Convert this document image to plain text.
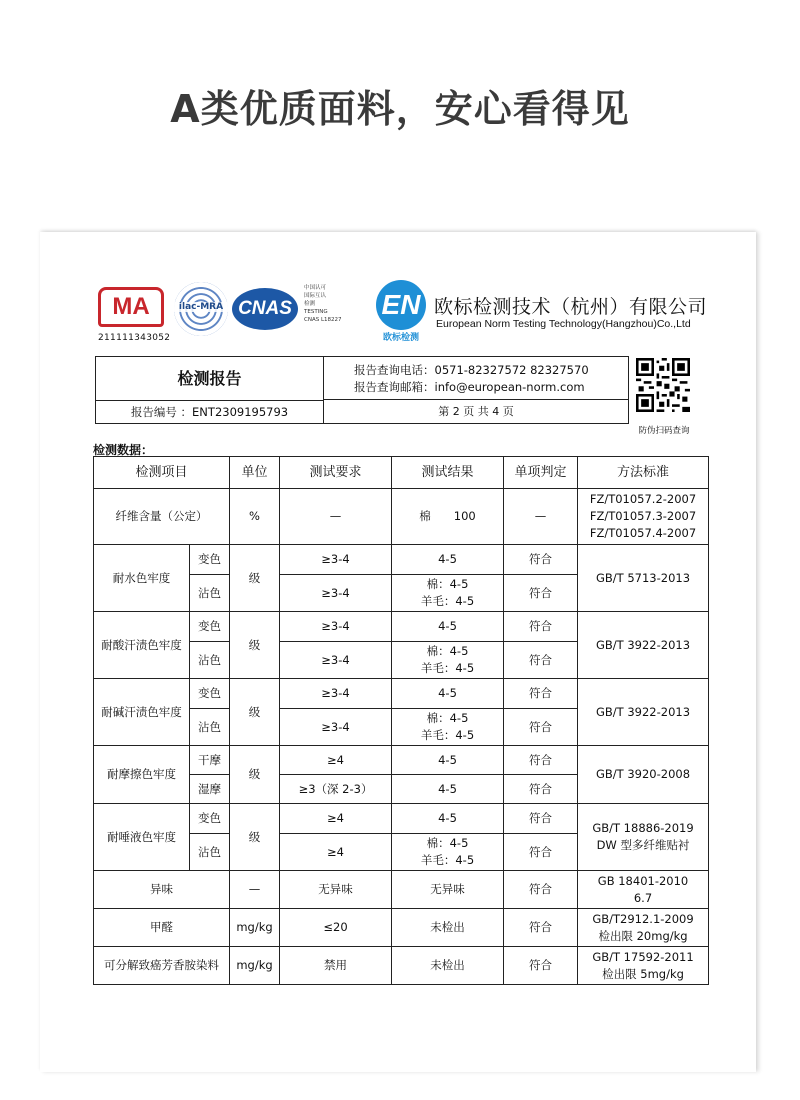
A类优质面料，安心看得见
MA
211111343052
ilac-MRA CNAS
中国认可
国际互认
检测
TESTING
CNAS L18227 EN
欧标检测
欧标检测技术（杭州）有限公司
European Norm Testing Technology(Hangzhou)Co.,Ltd
检测报告	报告查询电话：0571-82327572 82327570
报告查询邮箱：info@european-norm.com
报告编号 ：ENT2309195793	第 2 页 共 4 页
防伪扫码查询
检测数据：
检测项目		单位	测试要求	测试结果	单项判定	方法标准
纤维含量（公定）		%	—	棉　　100	—	FZ/T01057.2-2007
FZ/T01057.3-2007
FZ/T01057.4-2007

耐水色牢度	变色	级	≥3-4	4-5	符合	GB/T 5713-2013
	沾色		≥3-4	棉：4-5
羊毛：4-5	符合	
耐酸汗渍色牢度	变色	级	≥3-4	4-5	符合	GB/T 3922-2013
	沾色		≥3-4	棉：4-5
羊毛：4-5	符合	
耐碱汗渍色牢度	变色	级	≥3-4	4-5	符合	GB/T 3922-2013
	沾色		≥3-4	棉：4-5
羊毛：4-5	符合	
耐摩擦色牢度	干摩	级	≥4	4-5	符合	GB/T 3920-2008
	湿摩		≥3（深 2-3）	4-5	符合	
耐唾液色牢度	变色	级	≥4	4-5	符合	GB/T 18886-2019
DW 型多纤维贴衬
	沾色		≥4	棉：4-5
羊毛：4-5	符合	
异味		—	无异味	无异味	符合	GB 18401-2010
6.7

甲醛		mg/kg	≤20	未检出	符合	GB/T2912.1-2009
检出限 20mg/kg

可分解致癌芳香胺染料		mg/kg	禁用	未检出	符合	GB/T 17592-2011
检出限 5mg/kg
